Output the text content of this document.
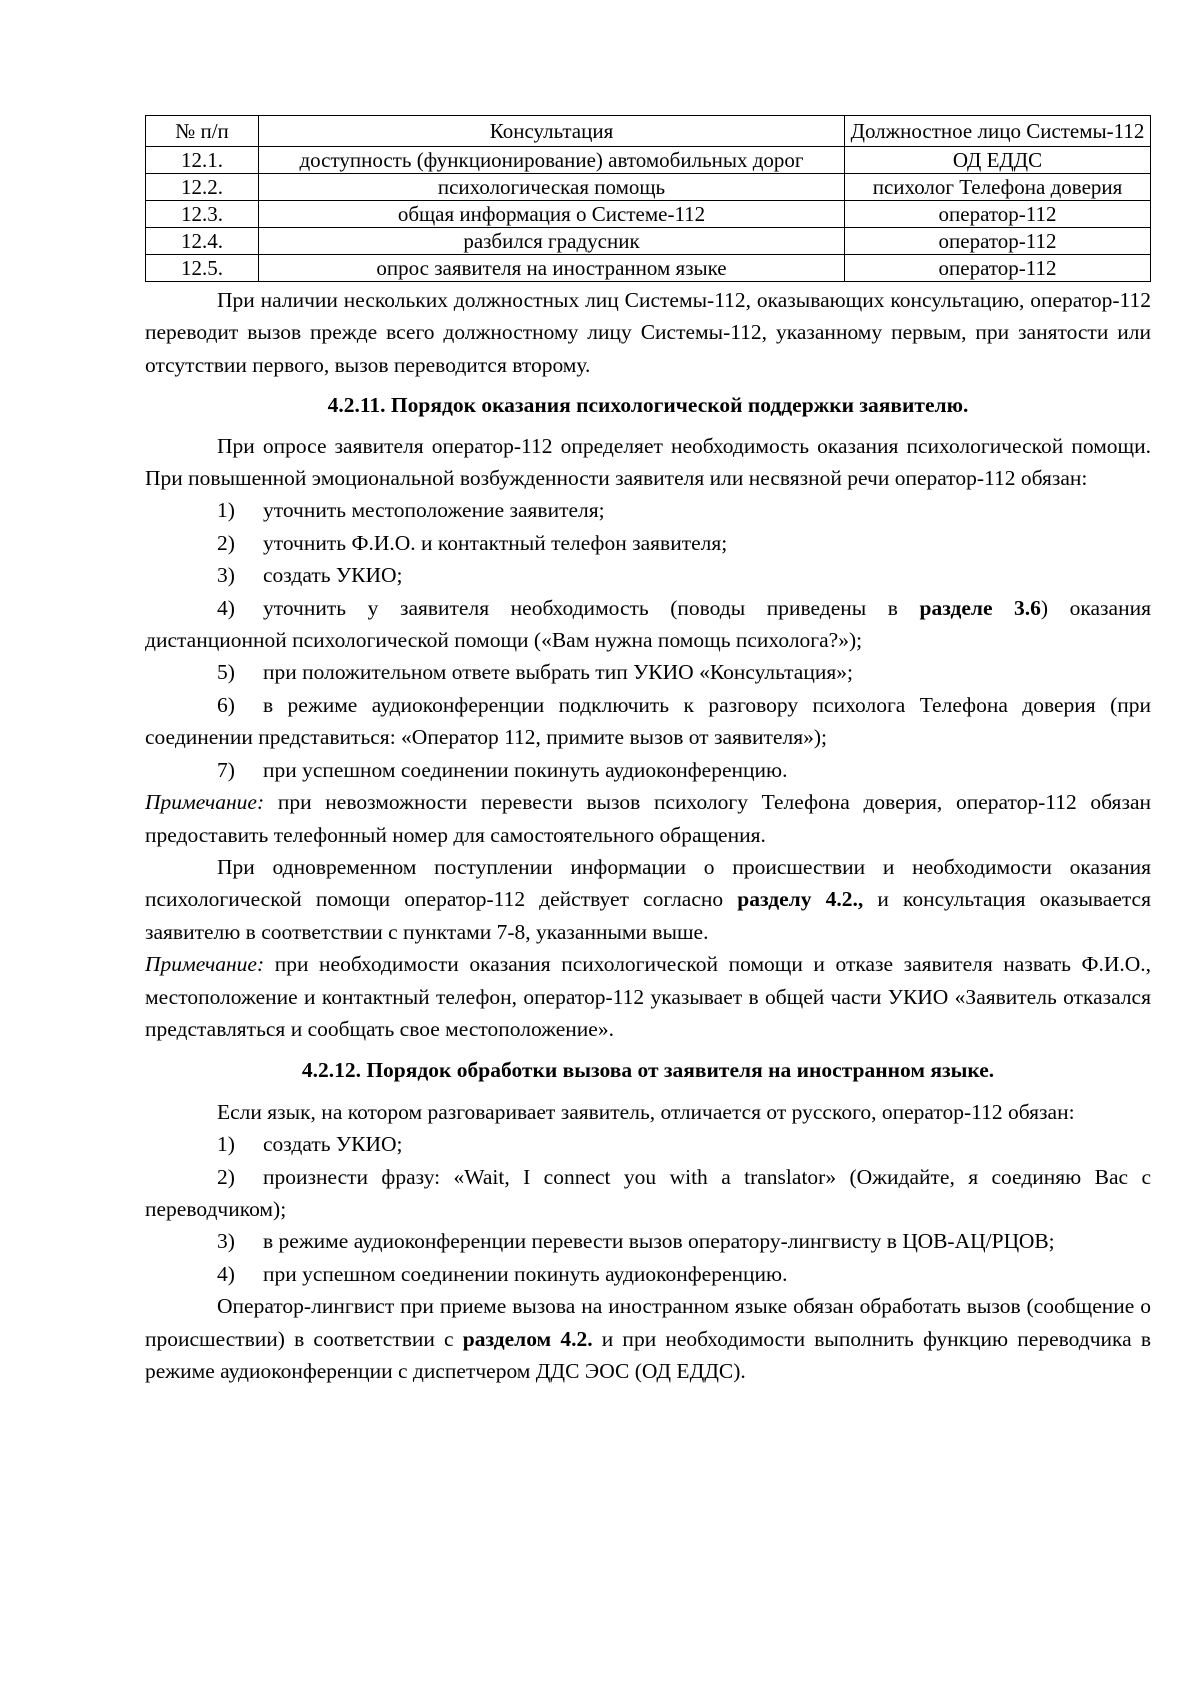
№ п/п	Консультация	Должностное лицо Системы-112
12.1.	доступность (функционирование) автомобильных дорог	ОД ЕДДС
12.2.	психологическая помощь	психолог Телефона доверия
12.3.	общая информация о Системе-112	оператор-112
12.4.	разбился градусник	оператор-112
12.5.	опрос заявителя на иностранном языке	оператор-112

При наличии нескольких должностных лиц Системы-112, оказывающих консультацию, оператор-112 переводит вызов прежде всего должностному лицу Системы-112, указанному первым, при занятости или отсутствии первого, вызов переводится второму.

4.2.11. Порядок оказания психологической поддержки заявителю.

При опросе заявителя оператор-112 определяет необходимость оказания психологической помощи. При повышенной эмоциональной возбужденности заявителя или несвязной речи оператор-112 обязан:

1) уточнить местоположение заявителя;

2) уточнить Ф.И.О. и контактный телефон заявителя;

3) создать УКИО;

4) уточнить у заявителя необходимость (поводы приведены в разделе 3.6) оказания дистанционной психологической помощи («Вам нужна помощь психолога?»);

5) при положительном ответе выбрать тип УКИО «Консультация»;

6) в режиме аудиоконференции подключить к разговору психолога Телефона доверия (при соединении представиться: «Оператор 112, примите вызов от заявителя»);

7) при успешном соединении покинуть аудиоконференцию.

Примечание: при невозможности перевести вызов психологу Телефона доверия, оператор-112 обязан предоставить телефонный номер для самостоятельного обращения.

При одновременном поступлении информации о происшествии и необходимости оказания психологической помощи оператор-112 действует согласно разделу 4.2., и консультация оказывается заявителю в соответствии с пунктами 7-8, указанными выше.

Примечание: при необходимости оказания психологической помощи и отказе заявителя назвать Ф.И.О., местоположение и контактный телефон, оператор-112 указывает в общей части УКИО «Заявитель отказался представляться и сообщать свое местоположение».

4.2.12. Порядок обработки вызова от заявителя на иностранном языке.

Если язык, на котором разговаривает заявитель, отличается от русского, оператор-112 обязан:

1) создать УКИО;

2) произнести фразу: «Wait, I connect you with a translator» (Ожидайте, я соединяю Вас с переводчиком);

3) в режиме аудиоконференции перевести вызов оператору-лингвисту в ЦОВ-АЦ/РЦОВ;

4) при успешном соединении покинуть аудиоконференцию.

Оператор-лингвист при приеме вызова на иностранном языке обязан обработать вызов (сообщение о происшествии) в соответствии с разделом 4.2. и при необходимости выполнить функцию переводчика в режиме аудиоконференции с диспетчером ДДС ЭОС (ОД ЕДДС).
